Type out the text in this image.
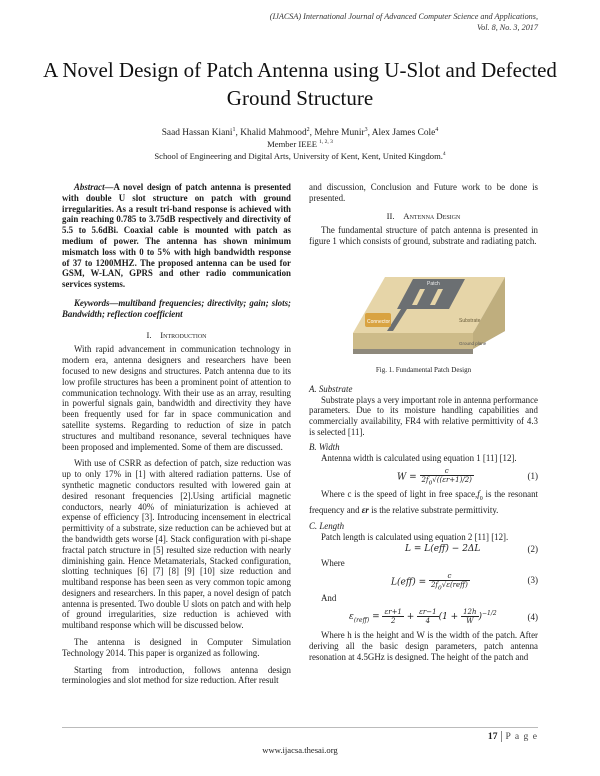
(IJACSA) International Journal of Advanced Computer Science and Applications,
Vol. 8, No. 3, 2017
A Novel Design of Patch Antenna using U-Slot and Defected Ground Structure
Saad Hassan Kiani$^1$, Khalid Mahmood$^2$, Mehre Munir$^3$, Alex James Cole$^4$
Member IEEE $^{1, 2, 3}$
School of Engineering and Digital Arts, University of Kent, Kent, United Kingdom.$^4$

Abstract—A novel design of patch antenna is presented with double U slot structure on patch with ground irregularities. As a result tri-band response is achieved with gain reaching 0.785 to 3.75dB respectively and directivity of 5.5 to 5.6dBi. Coaxial cable is mounted with patch as medium of power. The antenna has shown minimum mismatch loss with 0 to 5% with high bandwidth response of 37 to 1200MHZ. The proposed antenna can be used for GSM, W-LAN, GPRS and other radio communication services systems.

Keywords—multiband frequencies; directivity; gain; slots; Bandwidth; reflection coefficient

I. Introduction

With rapid advancement in communication technology in modern era, antenna designers and researchers have been focused to new designs and structures. Patch antenna due to its low profile structures has been a prominent point of attention to communication technology. With their use as an array, resulting in powerful signals gain, bandwidth and directivity they have been frequently used for far in space communication and satellite systems. Regarding to reduction of size in patch structures and multiband resonance, several techniques have been proposed and implemented. Some of them are discussed.

With use of CSRR as defection of patch, size reduction was up to only 17% in [1] with altered radiation patterns. Use of synthetic magnetic conductors resulted with lowered gain at desired resonant frequencies [2].Using artificial magnetic conductors, nearly 40% of miniaturization is achieved at expense of efficiency [3]. Introducing incensement in electrical permittivity of a substrate, size reduction can be achieved but at the bandwidth gets worse [4]. Stack configuration with pi-shape fractal patch structure in [5] resulted size reduction with nearly diminishing gain. Hence Metamaterials, Stacked configuration, slotting techniques [6] [7] [8] [9] [10] size reduction and multiband response has been seen as very common topic among designers and researchers. In this paper, a novel design of patch antenna is presented. Two double U slots on patch and with help of ground irregularities, size reduction is achieved with multiband response which will be discussed below.

The antenna is designed in Computer Simulation Technology 2014. This paper is organized as following.

Starting from introduction, follows antenna design terminologies and slot method for size reduction. After result

and discussion, Conclusion and Future work to be done is presented.

II. Antenna Design

The fundamental structure of patch antenna is presented in figure 1 which consists of ground, substrate and radiating patch.

Patch
Connector	Substrate
Ground plane

Fig. 1. Fundamental Patch Design

A. Substrate

Substrate plays a very important role in antenna performance parameters. Due to its moisture handling capabilities and commercially availability, FR4 with relative permittivity of 4.3 is selected [11].

B. Width

Antenna width is calculated using equation 1 [11] [12].

$W = \frac{c}{2f_0√((\varepsilon r+1)/2)}$	(1)

Where c is the speed of light in free $space,f_0$ is the resonant frequency and εr is the relative substrate permittivity.

C. Length

Patch length is calculated using equation 2 [11] [12].

L = L(eff) − 2ΔL	(2)

Where

$L(eff) = \frac{c}{2f_0√\varepsilon(reff)}$	(3)

And

$\varepsilon_{(reff)} = \frac{\varepsilon r+1}{2} + \frac{\varepsilon r-1}{4} (1 + \frac{12h}{W} )^{-1/2}$	(4)

Where h is the height and W is the width of the patch. After deriving all the basic design parameters, patch antenna resonation at 4.5GHz is designed. The height of the patch and

17 P a g e
www.ijacsa.thesai.org
